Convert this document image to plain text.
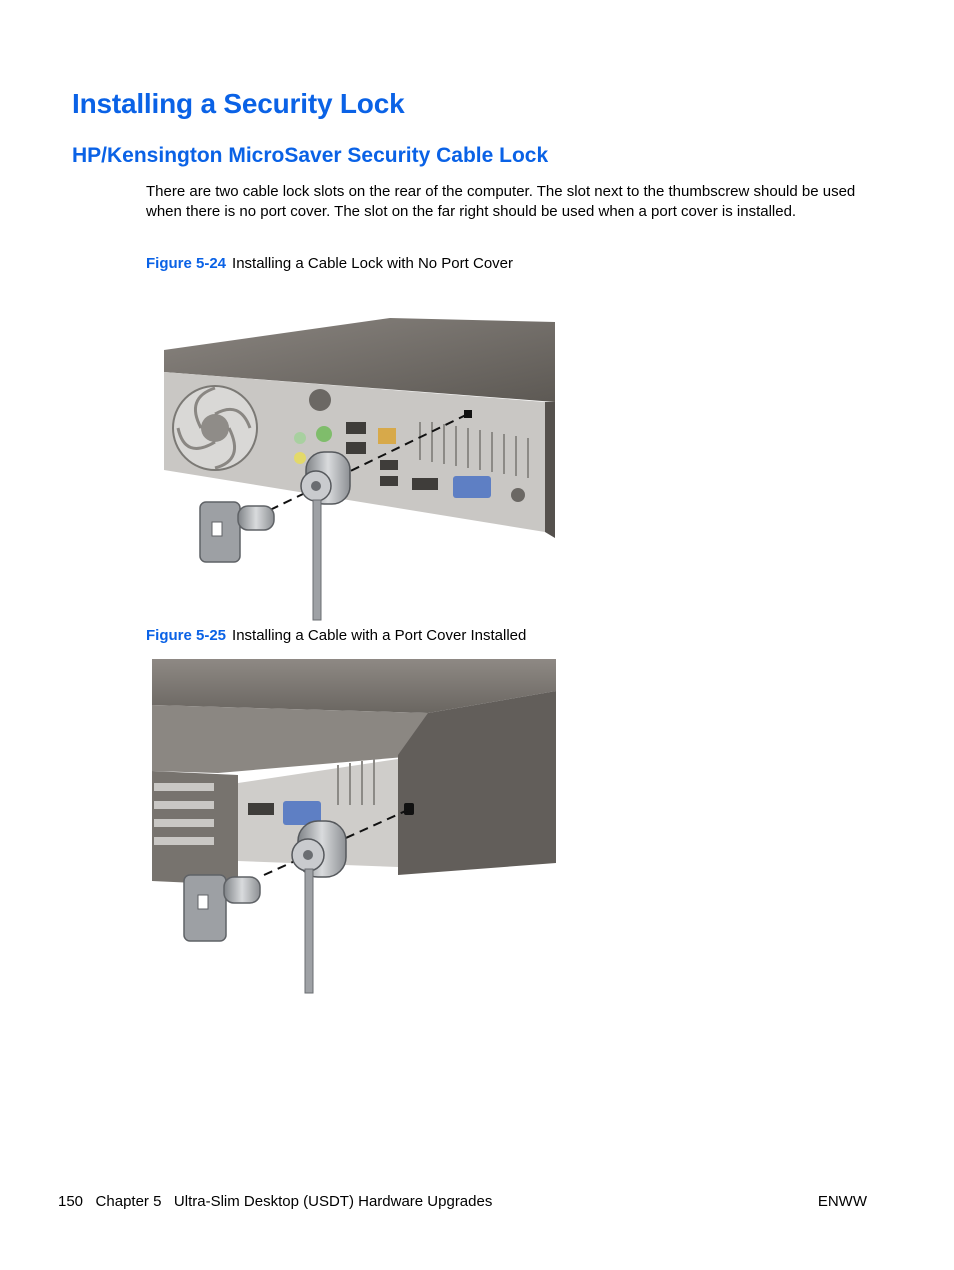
Installing a Security Lock
HP/Kensington MicroSaver Security Cable Lock

There are two cable lock slots on the rear of the computer. The slot next to the thumbscrew should be used when there is no port cover. The slot on the far right should be used when a port cover is installed.

Figure 5-24 Installing a Cable Lock with No Port Cover

Figure 5-25 Installing a Cable with a Port Cover Installed

150 Chapter 5   Ultra-Slim Desktop (USDT) Hardware Upgrades	ENWW
